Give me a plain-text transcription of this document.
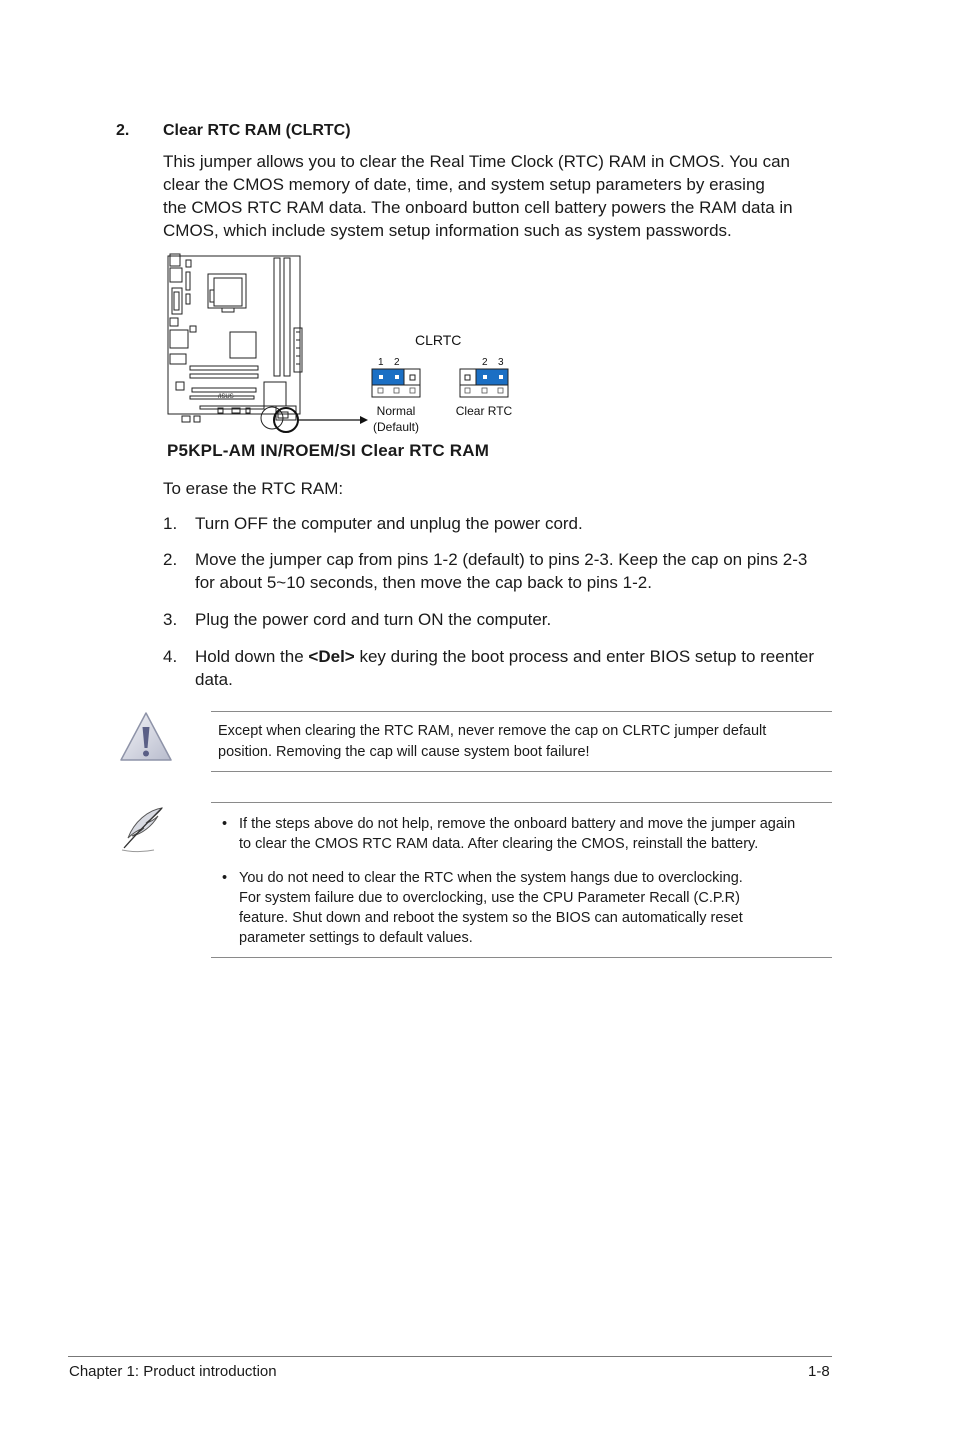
2. Clear RTC RAM (CLRTC)
This jumper allows you to clear the Real Time Clock (RTC) RAM in CMOS. You can
clear the CMOS memory of date, time, and system setup parameters by erasing
the CMOS RTC RAM data. The onboard button cell battery powers the RAM data in
CMOS, which include system setup information such as system passwords.
/ISUS
CLRTC
1 2
Normal
(Default)
2 3
Clear RTC
P5KPL-AM IN/ROEM/SI Clear RTC RAM
To erase the RTC RAM:
1. Turn OFF the computer and unplug the power cord.
2. Move the jumper cap from pins 1-2 (default) to pins 2-3. Keep the cap on pins 2-3
for about 5~10 seconds, then move the cap back to pins 1-2.
3. Plug the power cord and turn ON the computer.
4. Hold down the <Del> key during the boot process and enter BIOS setup to reenter
data.
Except when clearing the RTC RAM, never remove the cap on CLRTC jumper default
position. Removing the cap will cause system boot failure!
• If the steps above do not help, remove the onboard battery and move the jumper again
to clear the CMOS RTC RAM data. After clearing the CMOS, reinstall the battery.
• You do not need to clear the RTC when the system hangs due to overclocking.
For system failure due to overclocking, use the CPU Parameter Recall (C.P.R)
feature. Shut down and reboot the system so the BIOS can automatically reset
parameter settings to default values.
Chapter 1: Product introduction	1-8
